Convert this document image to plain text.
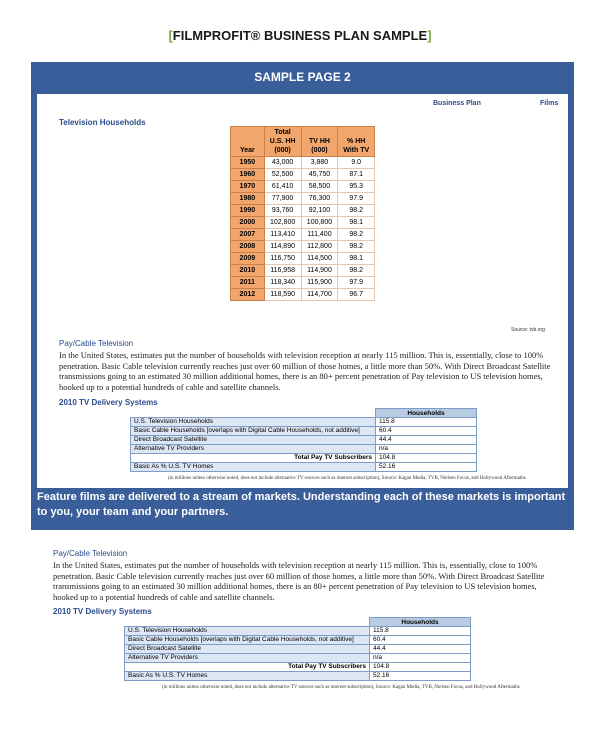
[FILMPROFIT® BUSINESS PLAN SAMPLE]
SAMPLE PAGE 2
Business Plan	Films
Television Households
Year	Total U.S. HH (000)	TV HH (000)	% HH With TV
1950	43,000	3,880	9.0
1960	52,500	45,750	87.1
1970	61,410	58,500	95.3
1980	77,900	76,300	97.9
1990	93,760	92,100	98.2
2000	102,800	100,800	98.1
2007	113,410	111,400	98.2
2008	114,890	112,800	98.2
2009	116,750	114,500	98.1
2010	116,958	114,900	98.2
2011	118,340	115,900	97.9
2012	118,590	114,700	96.7
Source: tvb.org
Pay/Cable Television
In the United States, estimates put the number of households with television reception at nearly 115 million. This is, essentially, close to 100% penetration. Basic Cable television currently reaches just over 60 million of those homes, a little more than 50%. With Direct Broadcast Satellite transmissions going to an estimated 30 million additional homes, there is an 80+ percent penetration of Pay television to US television homes, hooked up to a potential hundreds of cable and satellite channels.
2010 TV Delivery Systems
	Households
U.S. Television Households	115.8
Basic Cable Households [overlaps with Digital Cable Households, not additive]	60.4
Direct Broadcast Satellite	44.4
Alternative TV Providers	n/a
Total Pay TV Subscribers	104.8
Basic As % U.S. TV Homes	52.16
(in millions unless otherwise noted, does not include alternative TV sources such as internet subscription), Source: Kagan Media, TVB, Nielsen Focus, and Hollywood Aftermaths
Feature films are delivered to a stream of markets. Understanding each of these markets is important to you, your team and your partners.
Pay/Cable Television
In the United States, estimates put the number of households with television reception at nearly 115 million. This is, essentially, close to 100% penetration. Basic Cable television currently reaches just over 60 million of those homes, a little more than 50%. With Direct Broadcast Satellite transmissions going to an estimated 30 million additional homes, there is an 80+ percent penetration of Pay television to US television homes, hooked up to a potential hundreds of cable and satellite channels.
2010 TV Delivery Systems
	Households
U.S. Television Households	115.8
Basic Cable Households [overlaps with Digital Cable Households, not additive]	60.4
Direct Broadcast Satellite	44.4
Alternative TV Providers	n/a
Total Pay TV Subscribers	104.8
Basic As % U.S. TV Homes	52.16
(in millions unless otherwise noted, does not include alternative TV sources such as internet subscription), Source: Kagan Media, TVB, Nielsen Focus, and Hollywood Aftermaths
